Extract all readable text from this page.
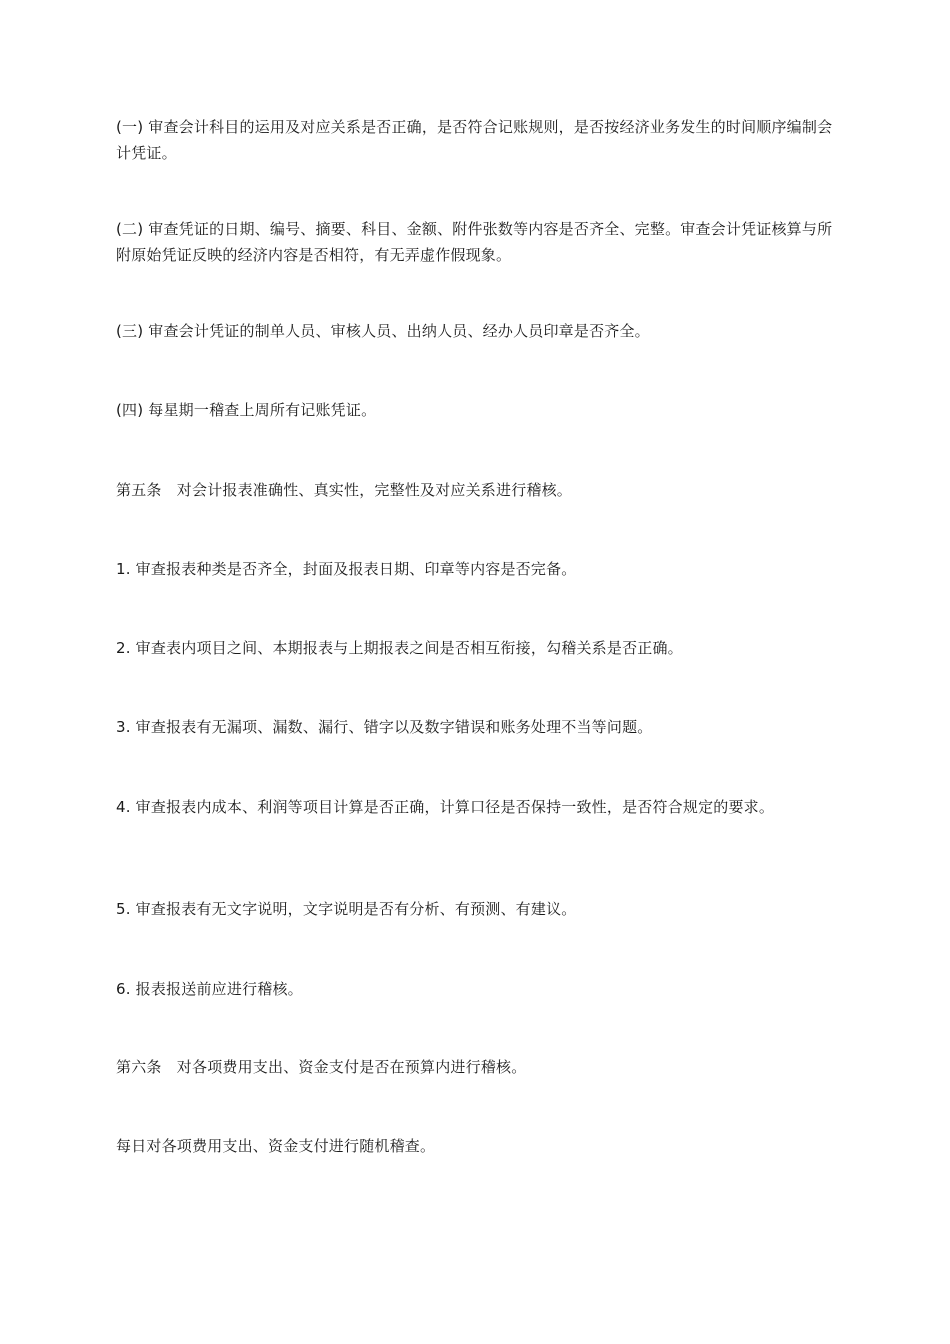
(一) 审查会计科目的运用及对应关系是否正确，是否符合记账规则，是否按经济业务发生的时间顺序编制会计凭证。

(二) 审查凭证的日期、编号、摘要、科目、金额、附件张数等内容是否齐全、完整。审查会计凭证核算与所附原始凭证反映的经济内容是否相符，有无弄虚作假现象。

(三) 审查会计凭证的制单人员、审核人员、出纳人员、经办人员印章是否齐全。

(四) 每星期一稽查上周所有记账凭证。

第五条　对会计报表准确性、真实性，完整性及对应关系进行稽核。

1. 审查报表种类是否齐全，封面及报表日期、印章等内容是否完备。

2. 审查表内项目之间、本期报表与上期报表之间是否相互衔接，勾稽关系是否正确。

3. 审查报表有无漏项、漏数、漏行、错字以及数字错误和账务处理不当等问题。

4. 审查报表内成本、利润等项目计算是否正确，计算口径是否保持一致性，是否符合规定的要求。

5. 审查报表有无文字说明，文字说明是否有分析、有预测、有建议。

6. 报表报送前应进行稽核。

第六条　对各项费用支出、资金支付是否在预算内进行稽核。

每日对各项费用支出、资金支付进行随机稽查。
